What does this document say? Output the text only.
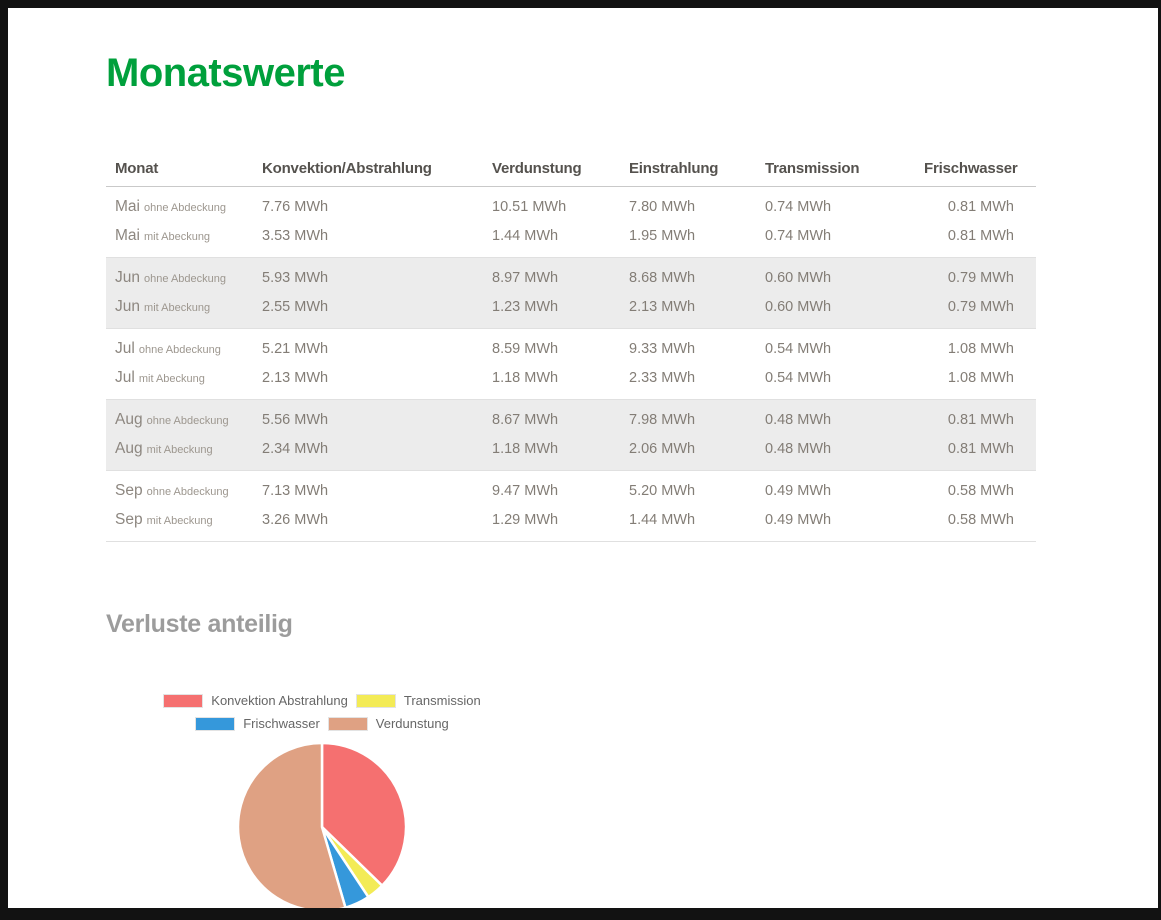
Monatswerte
Monat	Konvektion/Abstrahlung	Verdunstung	Einstrahlung	Transmission	Frischwasser
Mai ohne Abdeckung	7.76 MWh	10.51 MWh	7.80 MWh	0.74 MWh	0.81 MWh
Mai mit Abeckung	3.53 MWh	1.44 MWh	1.95 MWh	0.74 MWh	0.81 MWh
Jun ohne Abdeckung	5.93 MWh	8.97 MWh	8.68 MWh	0.60 MWh	0.79 MWh
Jun mit Abeckung	2.55 MWh	1.23 MWh	2.13 MWh	0.60 MWh	0.79 MWh
Jul ohne Abdeckung	5.21 MWh	8.59 MWh	9.33 MWh	0.54 MWh	1.08 MWh
Jul mit Abeckung	2.13 MWh	1.18 MWh	2.33 MWh	0.54 MWh	1.08 MWh
Aug ohne Abdeckung	5.56 MWh	8.67 MWh	7.98 MWh	0.48 MWh	0.81 MWh
Aug mit Abeckung	2.34 MWh	1.18 MWh	2.06 MWh	0.48 MWh	0.81 MWh
Sep ohne Abdeckung	7.13 MWh	9.47 MWh	5.20 MWh	0.49 MWh	0.58 MWh
Sep mit Abeckung	3.26 MWh	1.29 MWh	1.44 MWh	0.49 MWh	0.58 MWh
Verluste anteilig
Konvektion Abstrahlung	Transmission
Frischwasser	Verdunstung
